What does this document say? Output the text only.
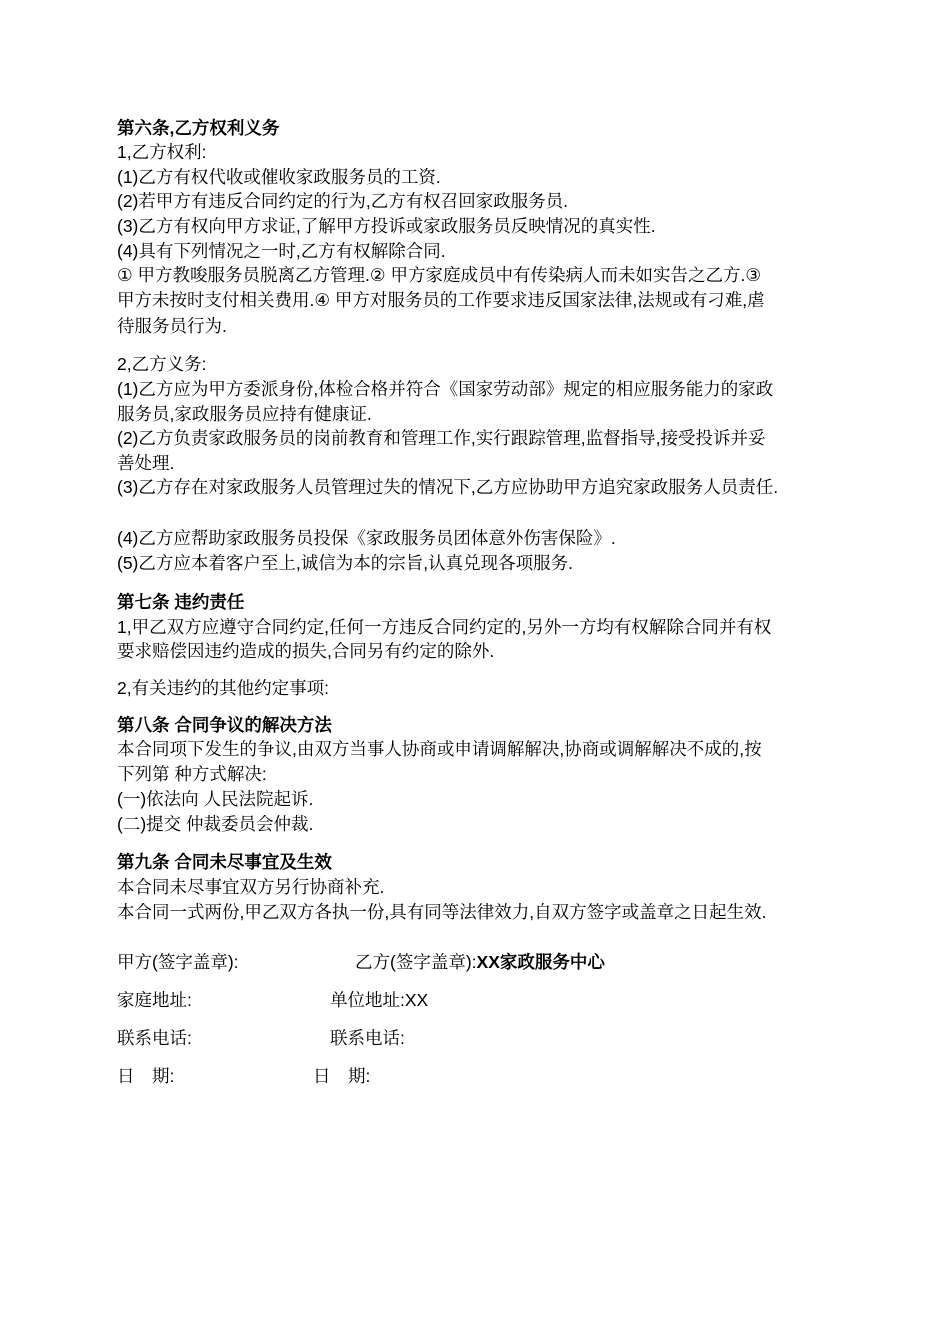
第六条,乙方权利义务
1,乙方权利:
(1)乙方有权代收或催收家政服务员的工资.
(2)若甲方有违反合同约定的行为,乙方有权召回家政服务员.
(3)乙方有权向甲方求证,了解甲方投诉或家政服务员反映情况的真实性.
(4)具有下列情况之一时,乙方有权解除合同.
① 甲方教唆服务员脱离乙方管理.② 甲方家庭成员中有传染病人而未如实告之乙方.③
甲方未按时支付相关费用.④ 甲方对服务员的工作要求违反国家法律,法规或有刁难,虐
待服务员行为.
2,乙方义务:
(1)乙方应为甲方委派身份,体检合格并符合《国家劳动部》规定的相应服务能力的家政
服务员,家政服务员应持有健康证.
(2)乙方负责家政服务员的岗前教育和管理工作,实行跟踪管理,监督指导,接受投诉并妥
善处理.
(3)乙方存在对家政服务人员管理过失的情况下,乙方应协助甲方追究家政服务人员责任.
(4)乙方应帮助家政服务员投保《家政服务员团体意外伤害保险》.
(5)乙方应本着客户至上,诚信为本的宗旨,认真兑现各项服务.
第七条 违约责任
1,甲乙双方应遵守合同约定,任何一方违反合同约定的,另外一方均有权解除合同并有权
要求赔偿因违约造成的损失,合同另有约定的除外.
2,有关违约的其他约定事项:
第八条 合同争议的解决方法
本合同项下发生的争议,由双方当事人协商或申请调解解决,协商或调解解决不成的,按
下列第 种方式解决:
(一)依法向 人民法院起诉.
(二)提交 仲裁委员会仲裁.
第九条 合同未尽事宜及生效
本合同未尽事宜双方另行协商补充.
本合同一式两份,甲乙双方各执一份,具有同等法律效力,自双方签字或盖章之日起生效.
甲方(签字盖章):	乙方(签字盖章):XX家政服务中心
家庭地址:	单位地址:XX
联系电话:	联系电话:
日　期:	日　期:
